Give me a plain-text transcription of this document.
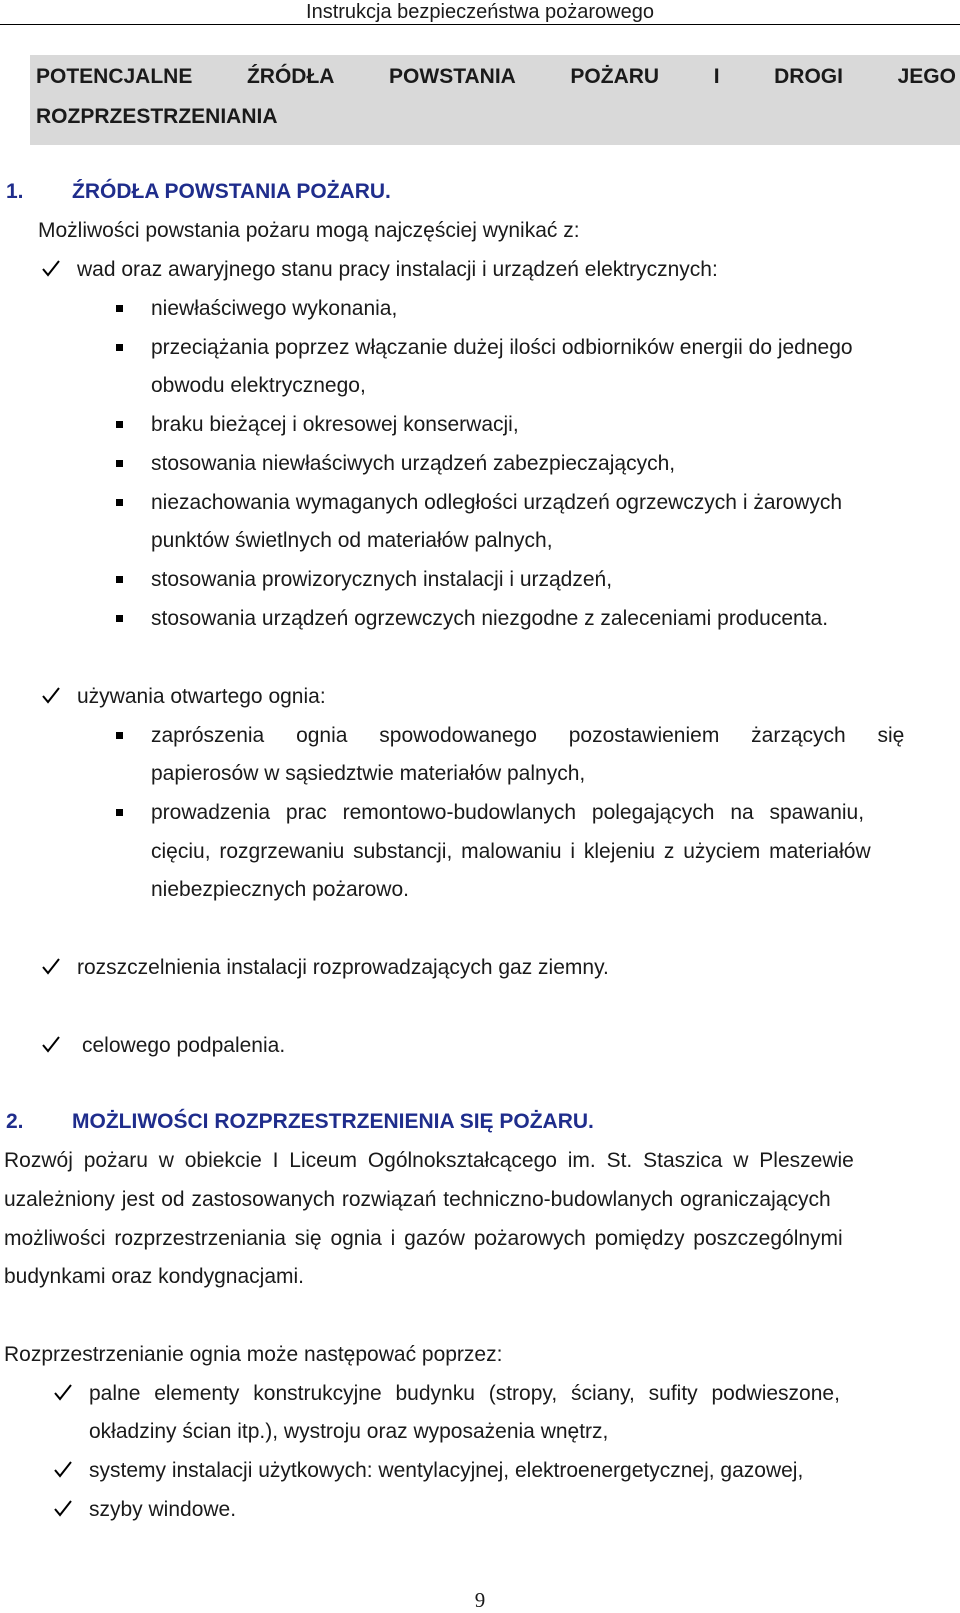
Instrukcja bezpieczeństwa pożarowego
POTENCJALNE	ŹRÓDŁA	POWSTANIA	POŻARU	I	DROGI	JEGO
ROZPRZESTRZENIANIA
1. ŹRÓDŁA POWSTANIA POŻARU.
Możliwości powstania pożaru mogą najczęściej wynikać z:
wad oraz awaryjnego stanu pracy instalacji i urządzeń elektrycznych:
niewłaściwego wykonania,
przeciążania poprzez włączanie dużej ilości odbiorników energii do jednego
obwodu elektrycznego,
braku bieżącej i okresowej konserwacji,
stosowania niewłaściwych urządzeń zabezpieczających,
niezachowania wymaganych odległości urządzeń ogrzewczych i żarowych
punktów świetlnych od materiałów palnych,
stosowania prowizorycznych instalacji i urządzeń,
stosowania urządzeń ogrzewczych niezgodne z zaleceniami producenta.
używania otwartego ognia:
zaprószenia ognia spowodowanego pozostawieniem żarzących się
papierosów w sąsiedztwie materiałów palnych,
prowadzenia prac remontowo-budowlanych polegających na spawaniu,
cięciu, rozgrzewaniu substancji, malowaniu i klejeniu z użyciem materiałów
niebezpiecznych pożarowo.
rozszczelnienia instalacji rozprowadzających gaz ziemny.
celowego podpalenia.
2. MOŻLIWOŚCI ROZPRZESTRZENIENIA SIĘ POŻARU.
Rozwój pożaru w obiekcie I Liceum Ogólnokształcącego im. St. Staszica w Pleszewie
uzależniony jest od zastosowanych rozwiązań techniczno-budowlanych ograniczających
możliwości rozprzestrzeniania się ognia i gazów pożarowych pomiędzy poszczególnymi
budynkami oraz kondygnacjami.
Rozprzestrzenianie ognia może następować poprzez:
palne elementy konstrukcyjne budynku (stropy, ściany, sufity podwieszone,
okładziny ścian itp.), wystroju oraz wyposażenia wnętrz,
systemy instalacji użytkowych: wentylacyjnej, elektroenergetycznej, gazowej,
szyby windowe.
9
